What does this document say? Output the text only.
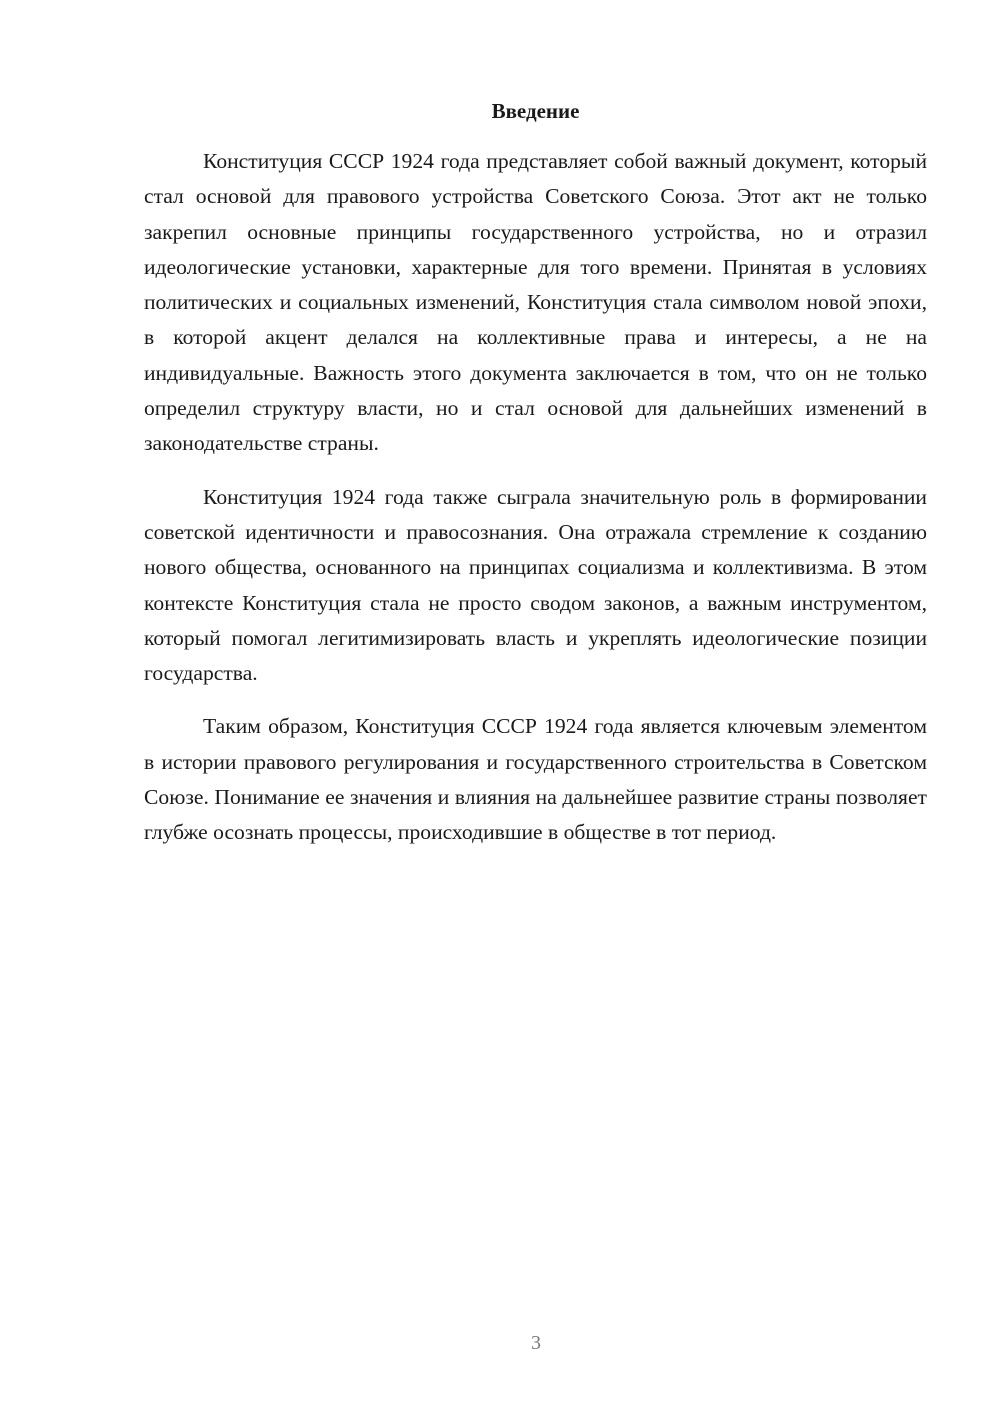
Введение

Конституция СССР 1924 года представляет собой важный документ, который стал основой для правового устройства Советского Союза. Этот акт не только закрепил основные принципы государственного устройства, но и отразил идеологические установки, характерные для того времени. Принятая в условиях политических и социальных изменений, Конституция стала символом новой эпохи, в которой акцент делался на коллективные права и интересы, а не на индивидуальные. Важность этого документа заключается в том, что он не только определил структуру власти, но и стал основой для дальнейших изменений в законодательстве страны.

Конституция 1924 года также сыграла значительную роль в формировании советской идентичности и правосознания. Она отражала стремление к созданию нового общества, основанного на принципах социализма и коллективизма. В этом контексте Конституция стала не просто сводом законов, а важным инструментом, который помогал легитимизировать власть и укреплять идеологические позиции государства.

Таким образом, Конституция СССР 1924 года является ключевым элементом в истории правового регулирования и государственного строительства в Советском Союзе. Понимание ее значения и влияния на дальнейшее развитие страны позволяет глубже осознать процессы, происходившие в обществе в тот период.

3
